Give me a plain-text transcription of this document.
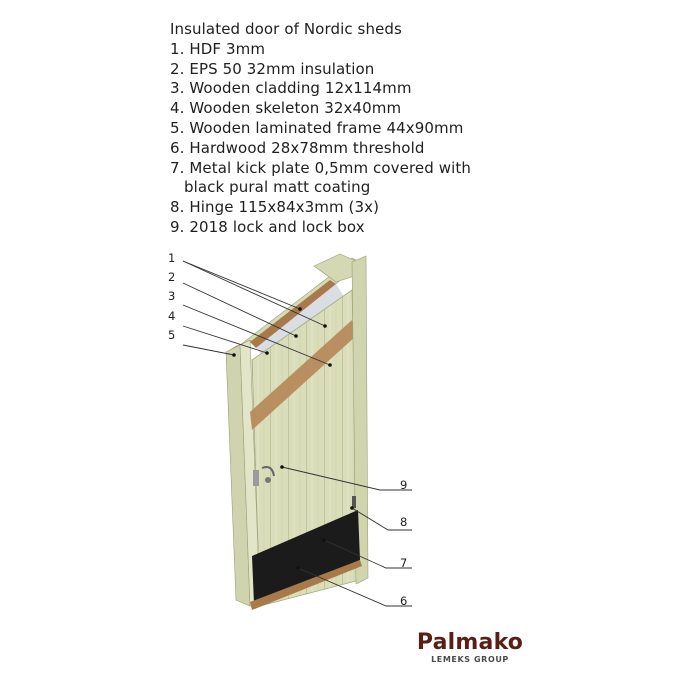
Insulated door of Nordic sheds
1. HDF 3mm
2. EPS 50 32mm insulation
3. Wooden cladding 12x114mm
4. Wooden skeleton 32x40mm
5. Wooden laminated frame 44x90mm
6. Hardwood 28x78mm threshold
7. Metal kick plate 0,5mm covered with
black pural matt coating
8. Hinge 115x84x3mm (3x)
9. 2018 lock and lock box
1
2
3
4
5
9
8
7
6
Palmako
LEMEKS GROUP
